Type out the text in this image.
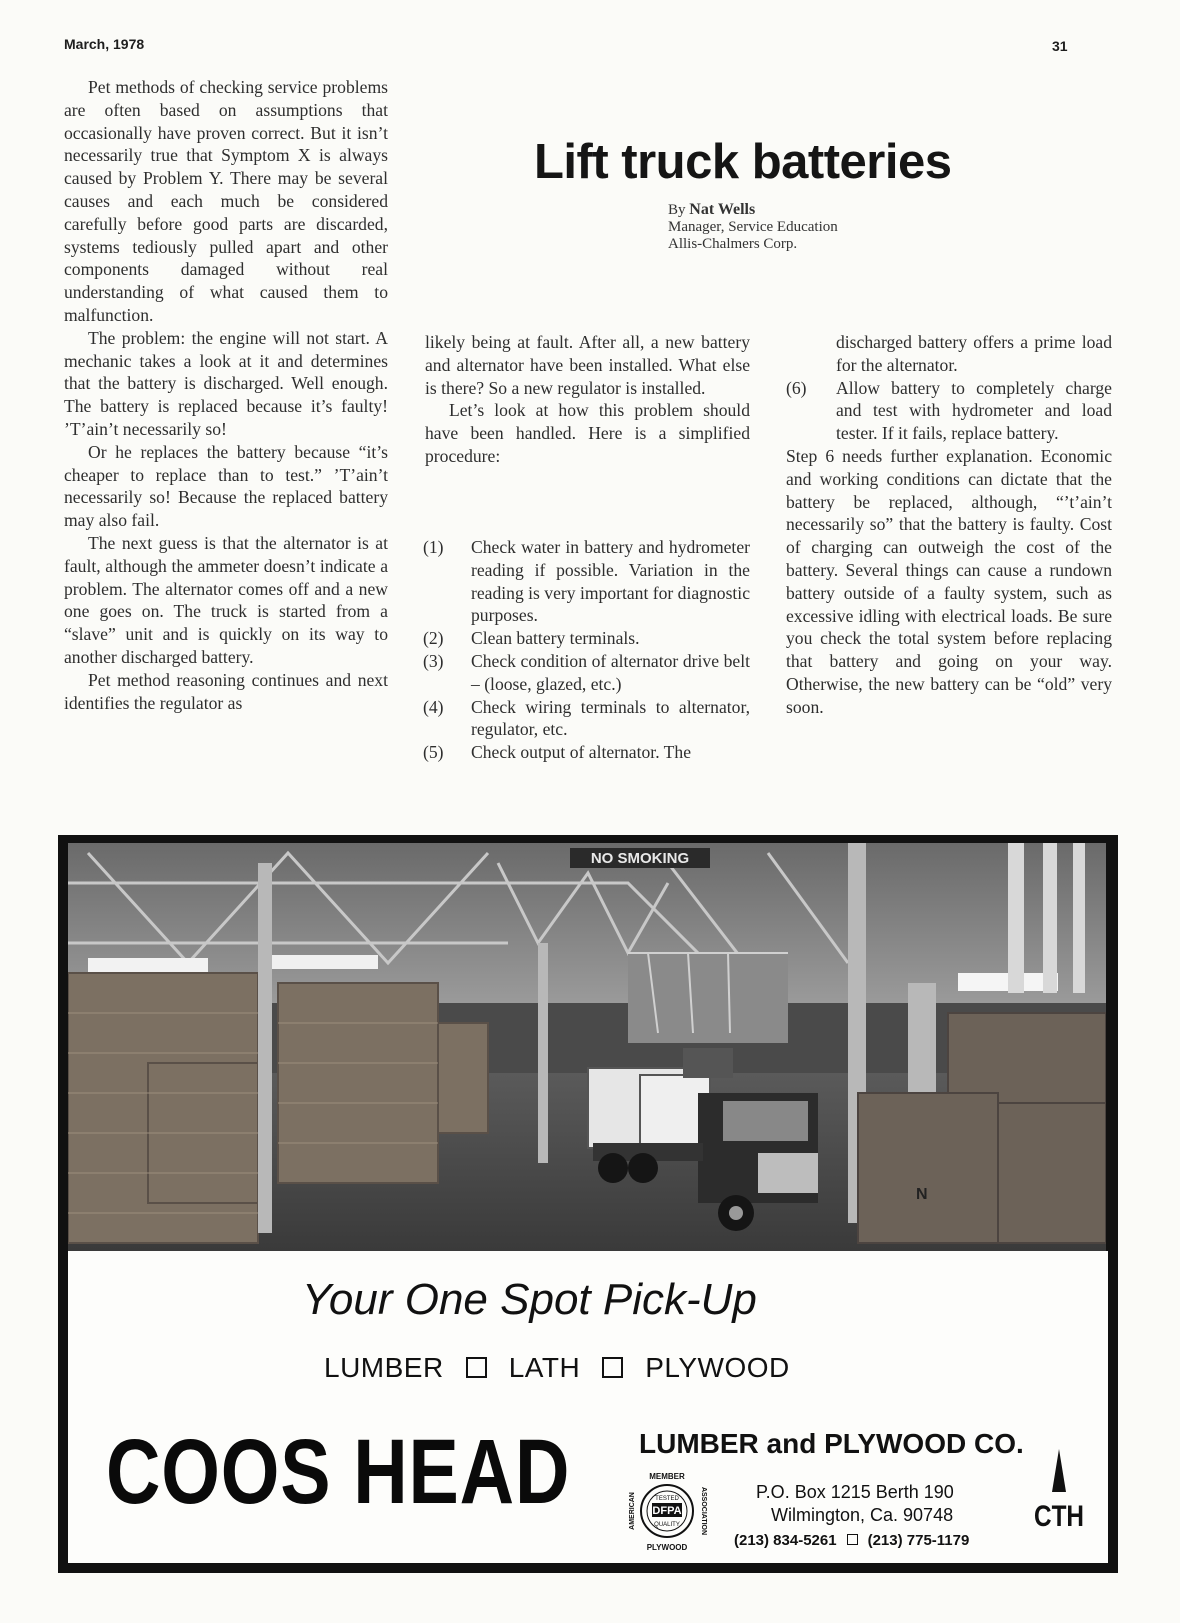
March, 1978	31

Pet methods of checking service problems are often based on assumptions that occasionally have proven correct. But it isn’t necessarily true that Symptom X is always caused by Problem Y. There may be several causes and each much be considered carefully before good parts are discarded, systems tediously pulled apart and other components damaged without real understanding of what caused them to malfunction.

The problem: the engine will not start. A mechanic takes a look at it and determines that the battery is discharged. Well enough. The battery is replaced because it’s faulty! ’T’ain’t necessarily so!

Or he replaces the battery because “it’s cheaper to replace than to test.” ’T’ain’t necessarily so! Because the replaced battery may also fail.

The next guess is that the alternator is at fault, although the ammeter doesn’t indicate a problem. The alternator comes off and a new one goes on. The truck is started from a “slave” unit and is quickly on its way to another discharged battery.

Pet method reasoning continues and next identifies the regulator as

Lift truck batteries
By Nat Wells
Manager, Service Education
Allis-Chalmers Corp.

likely being at fault. After all, a new battery and alternator have been installed. What else is there? So a new regulator is installed.

Let’s look at how this problem should have been handled. Here is a simplified procedure:

(1)	Check water in battery and hydrometer reading if possible. Variation in the reading is very important for diagnostic purposes.
(2)	Clean battery terminals.
(3)	Check condition of alternator drive belt – (loose, glazed, etc.)
(4)	Check wiring terminals to alternator, regulator, etc.
(5)	Check output of alternator. The
discharged battery offers a prime load for the alternator.
(6)	Allow battery to completely charge and test with hydrometer and load tester. If it fails, replace battery.

Step 6 needs further explanation. Economic and working conditions can dictate that the battery be replaced, although, “’t’ain’t necessarily so” that the battery is faulty. Cost of charging can outweigh the cost of the battery. Several things can cause a rundown battery outside of a faulty system, such as excessive idling with electrical loads. Be sure you check the total system before replacing that battery and going on your way. Otherwise, the new battery can be “old” very soon.

NO SMOKING
N
Your One Spot Pick-Up
LUMBER LATH PLYWOOD
COOS HEAD LUMBER and PLYWOOD CO.
MEMBER
TESTED
DFPA
QUALITY
PLYWOOD
AMERICAN	ASSOCIATION	P.O. Box 1215 Berth 190
Wilmington, Ca. 90748
(213) 834-5261 (213) 775-1179
CTH
